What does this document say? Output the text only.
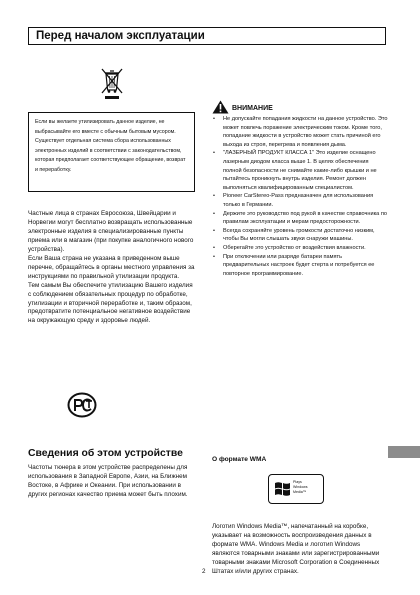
Перед началом эксплуатации
Если вы желаете утилизировать данное изделие, не выбрасывайте его вместе с обычным бытовым мусором. Существует отдельная система сбора использованных электронных изделий в соответствии с законодательством, которая предполагает соответствующее обращение, возврат и переработку.

Частные лица в странах Евросоюза, Швейцарии и Норвегии могут бесплатно возвращать использованные электронные изделия в специализированные пункты приема или в магазин (при покупке аналогичного нового устройства).

Если Ваша страна не указана в приведенном выше перечне, обращайтесь в органы местного управления за инструкциями по правильной утилизации продукта.

Тем самым Вы обеспечите утилизацию Вашего изделия с соблюдением обязательных процедур по обработке, утилизации и вторичной переработке и, таким образом, предотвратите потенциальное негативное воздействие на окружающую среду и здоровье людей.

Сведения об этом устройстве

Частоты тюнера в этом устройстве распределены для использования в Западной Европе, Азии, на Ближнем Востоке, в Африке и Океании. При использовании в других регионах качество приема может быть плохим.

ВНИМАНИЕ
• Не допускайте попадания жидкости на данное устройство. Это может повлечь поражение электрическим током. Кроме того, попадание жидкости в устройство может стать причиной его выхода из строя, перегрева и появления дыма.
• "ЛАЗЕРНЫЙ ПРОДУКТ КЛАССА 1" Это изделие оснащено лазерным диодом класса выше 1. В целях обеспечения полной безопасности не снимайте какие-либо крышки и не пытайтесь проникнуть внутрь изделия. Ремонт должен выполняться квалифицированным специалистом.
• Pioneer CarStereo-Pass предназначен для использования только в Германии.
• Держите это руководство под рукой в качестве справочника по правилам эксплуатации и мерам предосторожности.
• Всегда сохраняйте уровень громкости достаточно низким, чтобы Вы могли слышать звуки снаружи машины.
• Оберегайте это устройство от воздействия влажности.
• При отключении или разряде батареи память предварительных настроек будет стерта и потребуется ее повторное программирование.
О формате WMA
Plays
Windows
Media™

Логотип Windows Media™, напечатанный на коробке, указывает на возможность воспроизведения данных в формате WMA. Windows Media и логотип Windows являются товарными знаками или зарегистрированными товарными знаками Microsoft Corporation в Соединенных Штатах и/или других странах.

2
